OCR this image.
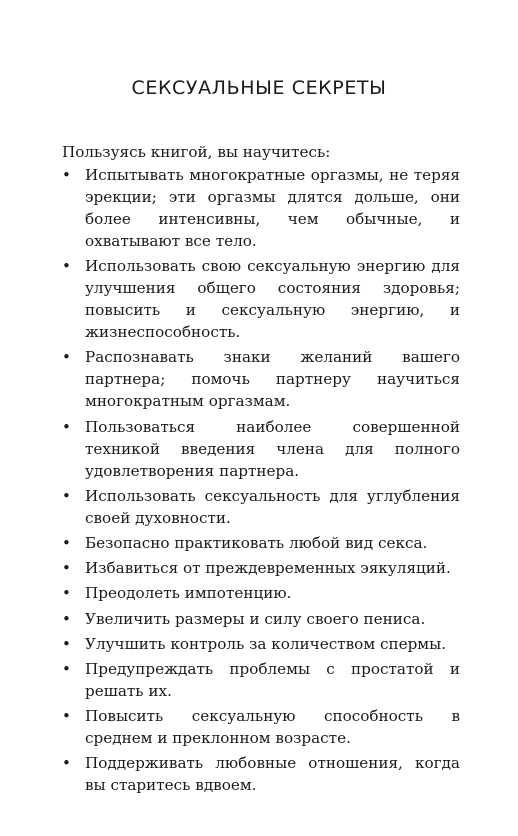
СЕКСУАЛЬНЫЕ СЕКРЕТЫ

Пользуясь книгой, вы научитесь:

• Испытывать многократные оргазмы, не теряя эрекции; эти оргазмы длятся дольше, они более интенсивны, чем обычные, и охватывают все тело.
• Использовать свою сексуальную энергию для улучшения общего состояния здоровья; повысить и сексуальную энергию, и жизнеспособность.
• Распознавать знаки желаний вашего партнера; помочь партнеру научиться многократным оргазмам.
• Пользоваться наиболее совершенной техникой введения члена для полного удовлетворения партнера.
• Использовать сексуальность для углубления своей духовности.
• Безопасно практиковать любой вид секса.
• Избавиться от преждевременных эякуляций.
• Преодолеть импотенцию.
• Увеличить размеры и силу своего пениса.
• Улучшить контроль за количеством спермы.
• Предупреждать проблемы с простатой и решать их.
• Повысить сексуальную способность в среднем и преклонном возрасте.
• Поддерживать любовные отношения, когда вы старитесь вдвоем.
